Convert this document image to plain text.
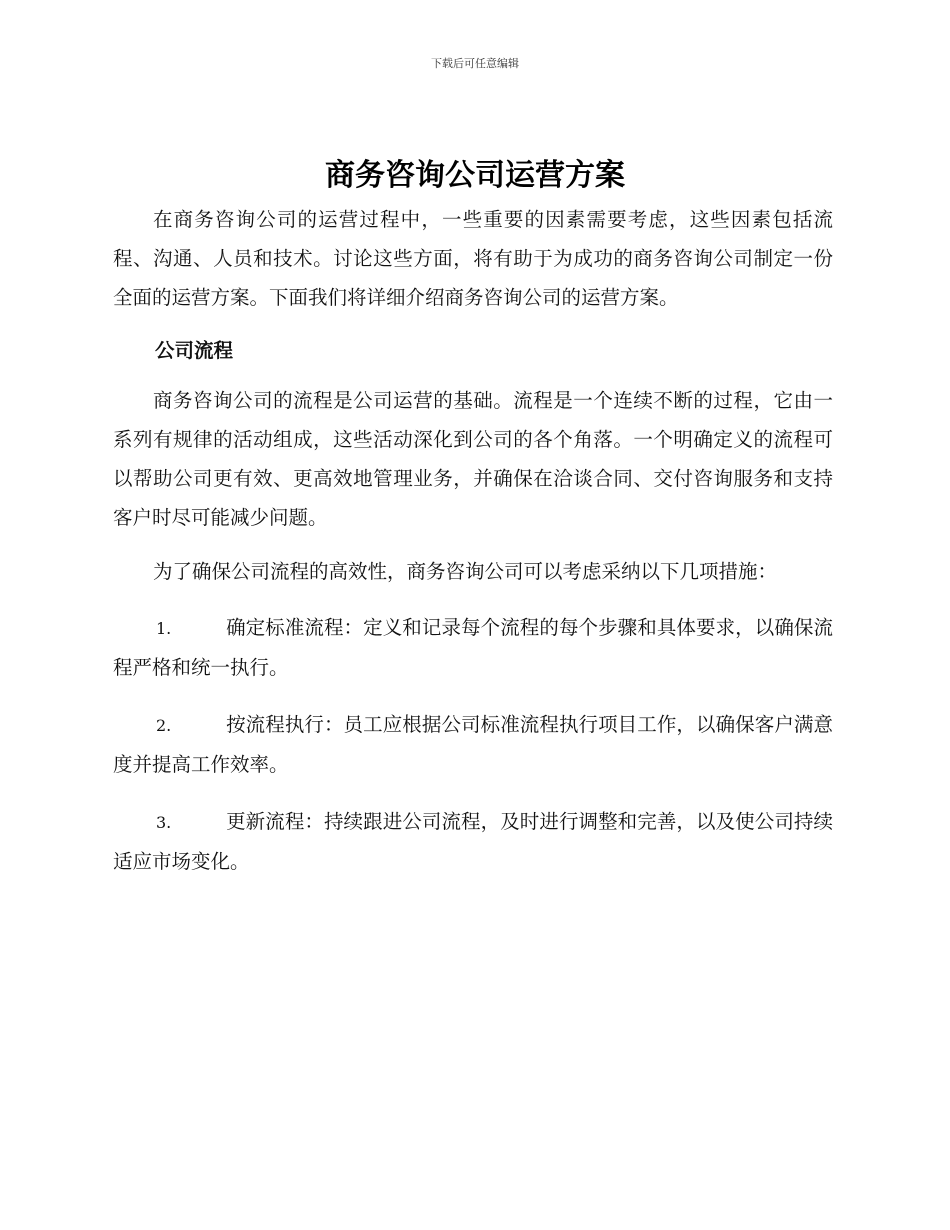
下载后可任意编辑
商务咨询公司运营方案

在商务咨询公司的运营过程中，一些重要的因素需要考虑，这些因素包括流程、沟通、人员和技术。讨论这些方面，将有助于为成功的商务咨询公司制定一份全面的运营方案。下面我们将详细介绍商务咨询公司的运营方案。

公司流程

商务咨询公司的流程是公司运营的基础。流程是一个连续不断的过程，它由一系列有规律的活动组成，这些活动深化到公司的各个角落。一个明确定义的流程可以帮助公司更有效、更高效地管理业务，并确保在洽谈合同、交付咨询服务和支持客户时尽可能减少问题。

为了确保公司流程的高效性，商务咨询公司可以考虑采纳以下几项措施：

1.	确定标准流程：定义和记录每个流程的每个步骤和具体要求，以确保流程严格和统一执行。

2.	按流程执行：员工应根据公司标准流程执行项目工作，以确保客户满意度并提高工作效率。

3.	更新流程：持续跟进公司流程，及时进行调整和完善，以及使公司持续适应市场变化。
